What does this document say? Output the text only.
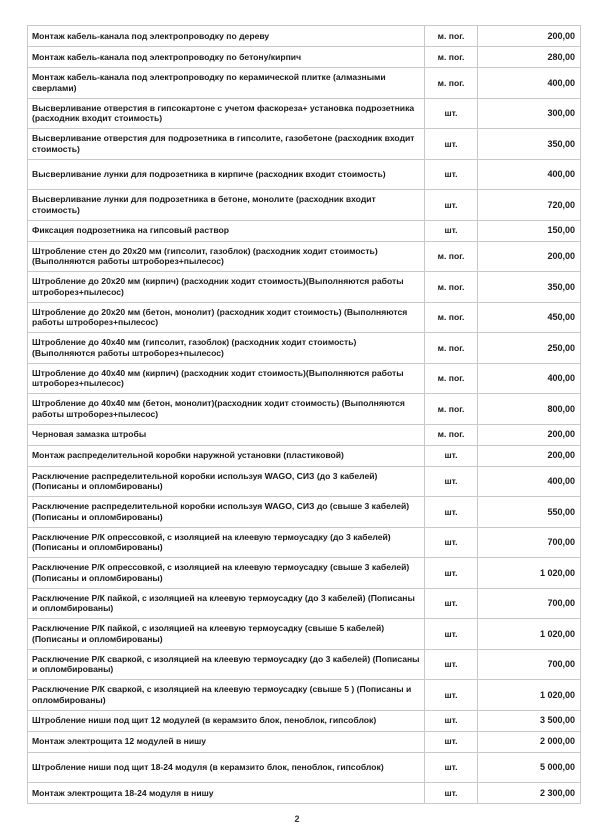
Монтаж кабель-канала под электропроводку по дереву	м. пог.	200,00
Монтаж кабель-канала под электропроводку по бетону/кирпич	м. пог.	280,00
Монтаж кабель-канала под электропроводку по керамической плитке (алмазными сверлами)	м. пог.	400,00
Высверливание отверстия в гипсокартоне с учетом фаскореза+ установка подрозетника (расходник входит стоимость)	шт.	300,00
Высверливание отверстия для подрозетника в гипсолите, газобетоне (расходник входит стоимость)	шт.	350,00
Высверливание лунки для подрозетника в кирпиче (расходник входит стоимость)	шт.	400,00
Высверливание лунки для подрозетника в бетоне, монолите (расходник входит стоимость)	шт.	720,00
Фиксация подрозетника на гипсовый раствор	шт.	150,00
Штробление стен до 20х20 мм (гипсолит, газоблок) (расходник ходит стоимость) (Выполняются работы штроборез+пылесос)	м. пог.	200,00
Штробление до 20х20 мм (кирпич) (расходник ходит стоимость)(Выполняются работы штроборез+пылесос)	м. пог.	350,00
Штробление до 20х20 мм (бетон, монолит) (расходник ходит стоимость) (Выполняются работы штроборез+пылесос)	м. пог.	450,00
Штробление до 40х40 мм (гипсолит, газоблок) (расходник ходит стоимость) (Выполняются работы штроборез+пылесос)	м. пог.	250,00
Штробление до 40х40 мм (кирпич) (расходник ходит стоимость)(Выполняются работы штроборез+пылесос)	м. пог.	400,00
Штробление до 40х40 мм (бетон, монолит)(расходник ходит стоимость) (Выполняются работы штроборез+пылесос)	м. пог.	800,00
Черновая замазка штробы	м. пог.	200,00
Монтаж распределительной коробки наружной установки (пластиковой)	шт.	200,00
Расключение распределительной коробки используя WAGO, СИЗ (до 3 кабелей) (Пописаны и опломбированы)	шт.	400,00
Расключение распределительной коробки используя WAGO, СИЗ до (свыше 3 кабелей) (Пописаны и опломбированы)	шт.	550,00
Расключение Р/К опрессовкой, с изоляцией на клеевую термоусадку (до 3 кабелей) (Пописаны и опломбированы)	шт.	700,00
Расключение Р/К опрессовкой, с изоляцией на клеевую термоусадку (свыше 3 кабелей) (Пописаны и опломбированы)	шт.	1 020,00
Расключение Р/К пайкой, с изоляцией на клеевую термоусадку (до 3 кабелей) (Пописаны и опломбированы)	шт.	700,00
Расключение Р/К пайкой, с изоляцией на клеевую термоусадку (свыше 5 кабелей) (Пописаны и опломбированы)	шт.	1 020,00
Расключение Р/К сваркой, с изоляцией на клеевую термоусадку (до 3 кабелей) (Пописаны и опломбированы)	шт.	700,00
Расключение Р/К сваркой, с изоляцией на клеевую термоусадку (свыше 5 ) (Пописаны и опломбированы)	шт.	1 020,00
Штробление ниши под щит 12 модулей (в керамзито блок, пеноблок, гипсоблок)	шт.	3 500,00
Монтаж электрощита 12 модулей в нишу	шт.	2 000,00
Штробление ниши под щит 18-24 модуля (в керамзито блок, пеноблок, гипсоблок)	шт.	5 000,00
Монтаж электрощита 18-24 модуля в нишу	шт.	2 300,00
2
